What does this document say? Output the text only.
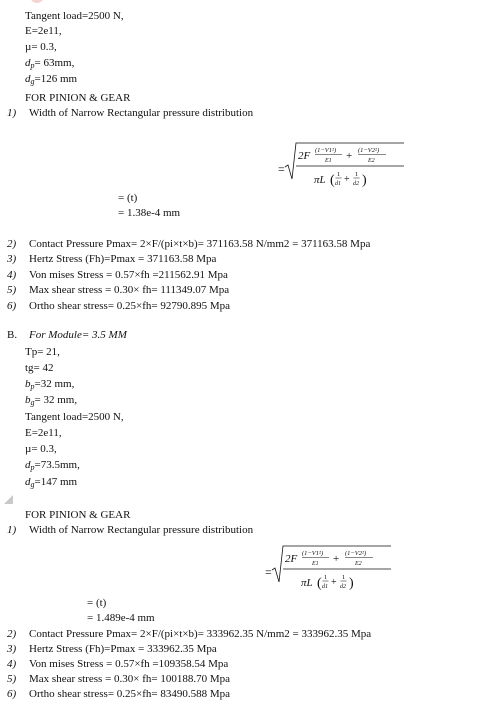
Tangent load=2500 N,
E=2e11,
µ= 0.3,
$d_p= 63mm$,
$d_g=126$ mm
FOR PINION & GEAR
1) Width of Narrow Rectangular pressure distribution
=
2F (1−V1²)
E1 + (1−V2²)
E2
πL ( 1
d1 + 1
d2 )
= (t)
= 1.38e-4 mm
2) Contact Pressure Pmax= 2×F/(pi×t×b)= 371163.58 N/mm2 = 371163.58 Mpa
3) Hertz Stress (Fh)=Pmax = 371163.58 Mpa
4) Von mises Stress = 0.57×fh =211562.91 Mpa
5) Max shear stress = 0.30× fh= 111349.07 Mpa
6) Ortho shear stress= 0.25×fh= 92790.895 Mpa
B. For Module= 3.5 MM
Tp= 21,
tg= 42
$b_p=32$ mm,
$b_g= 32$ mm,
Tangent load=2500 N,
E=2e11,
µ= 0.3,
$d_p=73.5mm$,
$d_g=147$ mm
FOR PINION & GEAR
1) Width of Narrow Rectangular pressure distribution
=
2F (1−V1²)
E1 + (1−V2²)
E2
πL ( 1
d1 + 1
d2 )
= (t)
= 1.489e-4 mm
2) Contact Pressure Pmax= 2×F/(pi×t×b)= 333962.35 N/mm2 = 333962.35 Mpa
3) Hertz Stress (Fh)=Pmax = 333962.35 Mpa
4) Von mises Stress = 0.57×fh =109358.54 Mpa
5) Max shear stress = 0.30× fh= 100188.70 Mpa
6) Ortho shear stress= 0.25×fh= 83490.588 Mpa
